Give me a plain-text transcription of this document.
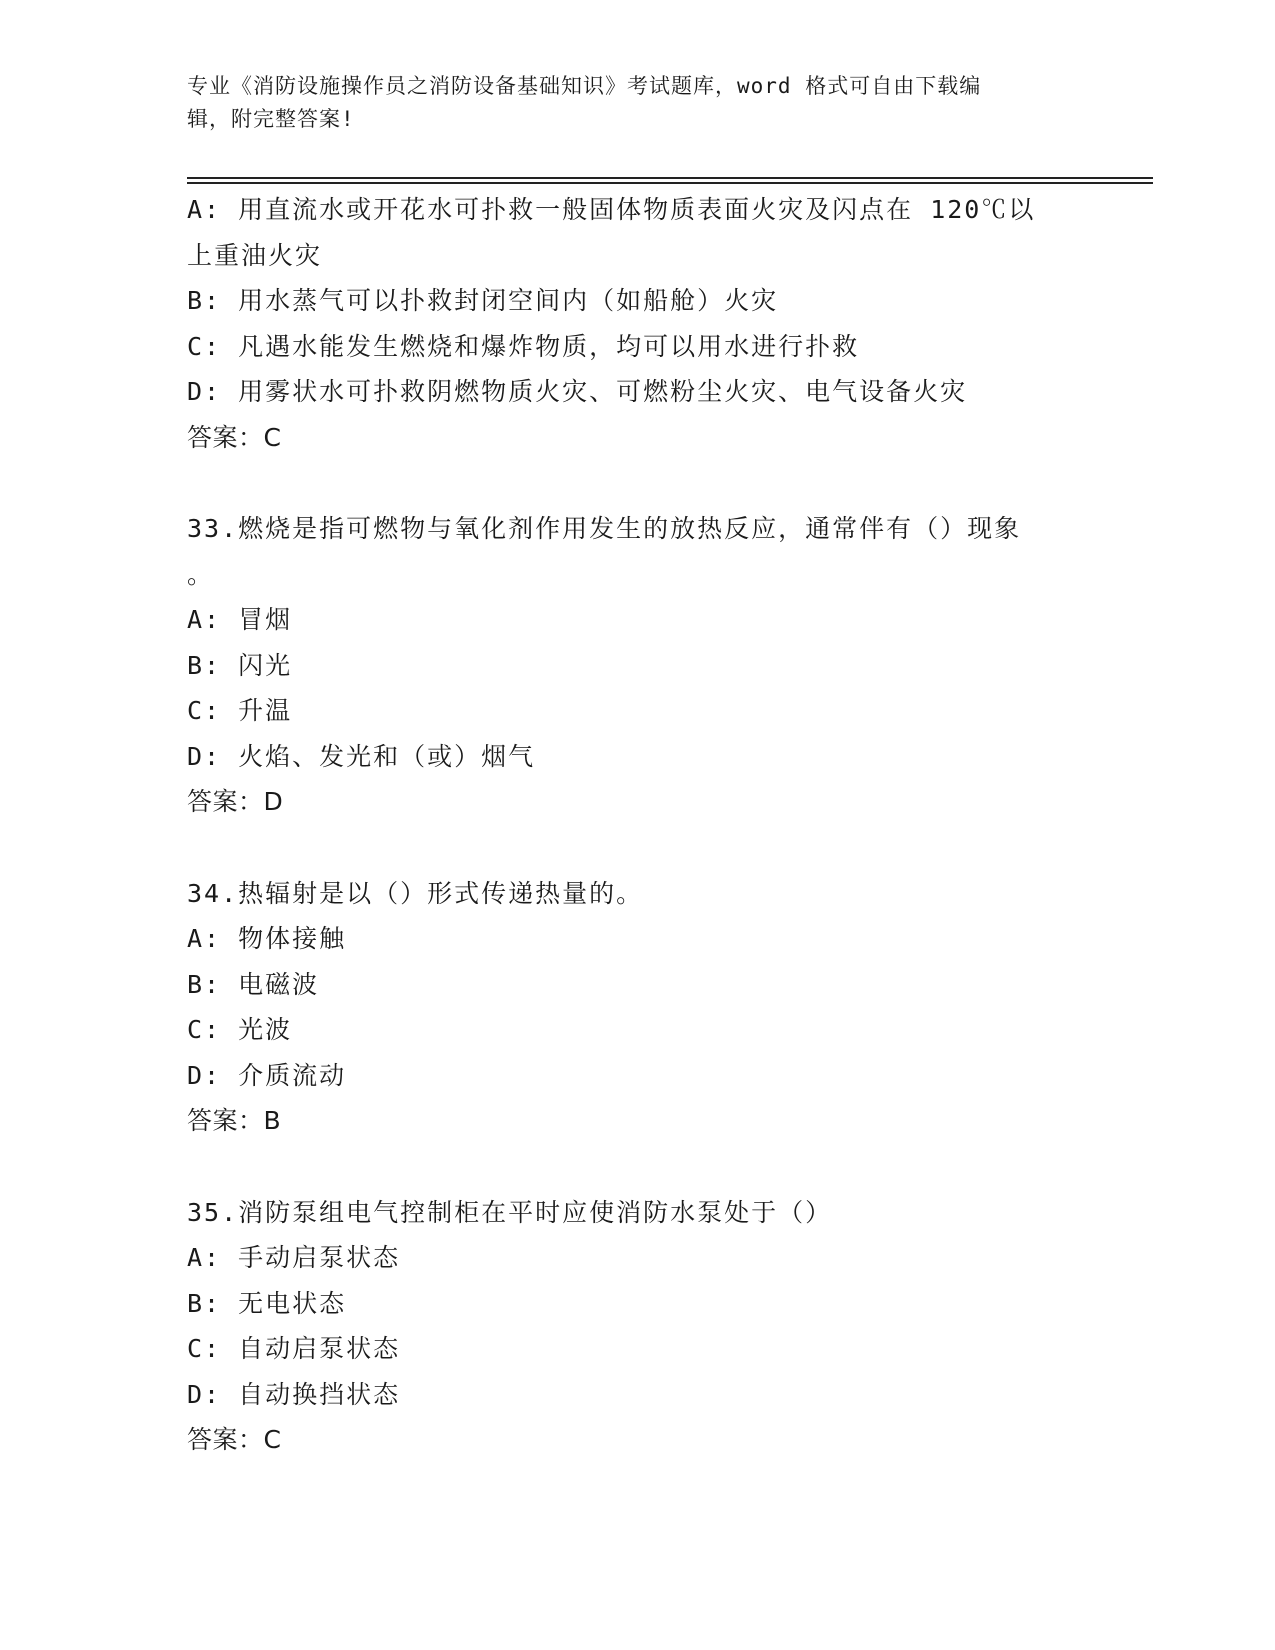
专业《消防设施操作员之消防设备基础知识》考试题库，word 格式可自由下载编
辑，附完整答案!
A: 用直流水或开花水可扑救一般固体物质表面火灾及闪点在 120℃以
上重油火灾
B: 用水蒸气可以扑救封闭空间内（如船舱）火灾
C: 凡遇水能发生燃烧和爆炸物质，均可以用水进行扑救
D: 用雾状水可扑救阴燃物质火灾、可燃粉尘火灾、电气设备火灾
答案：C
33.燃烧是指可燃物与氧化剂作用发生的放热反应，通常伴有（）现象
。
A: 冒烟
B: 闪光
C: 升温
D: 火焰、发光和（或）烟气
答案：D
34.热辐射是以（）形式传递热量的。
A: 物体接触
B: 电磁波
C: 光波
D: 介质流动
答案：B
35.消防泵组电气控制柜在平时应使消防水泵处于（）
A: 手动启泵状态
B: 无电状态
C: 自动启泵状态
D: 自动换挡状态
答案：C
